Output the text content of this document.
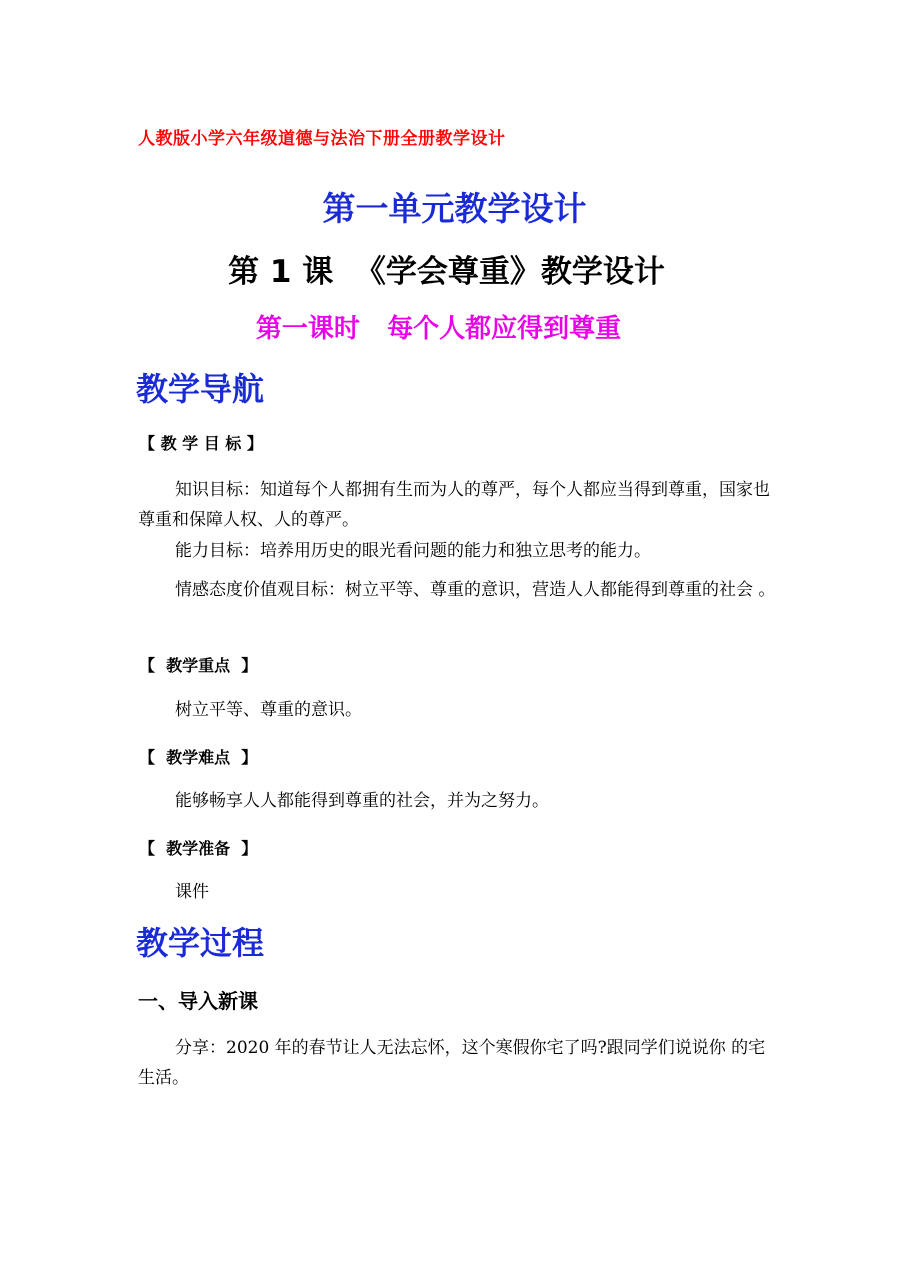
人教版小学六年级道德与法治下册全册教学设计
第一单元教学设计
第 1 课  《学会尊重》教学设计
第一课时   每个人都应得到尊重
教学导航
【 教 学 目 标 】
知识目标：知道每个人都拥有生而为人的尊严，每个人都应当得到尊重，国家也尊重和保障人权、人的尊严。
能力目标：培养用历史的眼光看问题的能力和独立思考的能力。
情感态度价值观目标：树立平等、尊重的意识，营造人人都能得到尊重的社会 。
【  教学重点  】
树立平等、尊重的意识。
【  教学难点  】
能够畅享人人都能得到尊重的社会，并为之努力。
【  教学准备  】
课件
教学过程
一、导入新课
分享：2020 年的春节让人无法忘怀，这个寒假你宅了吗?跟同学们说说你 的宅生活。
